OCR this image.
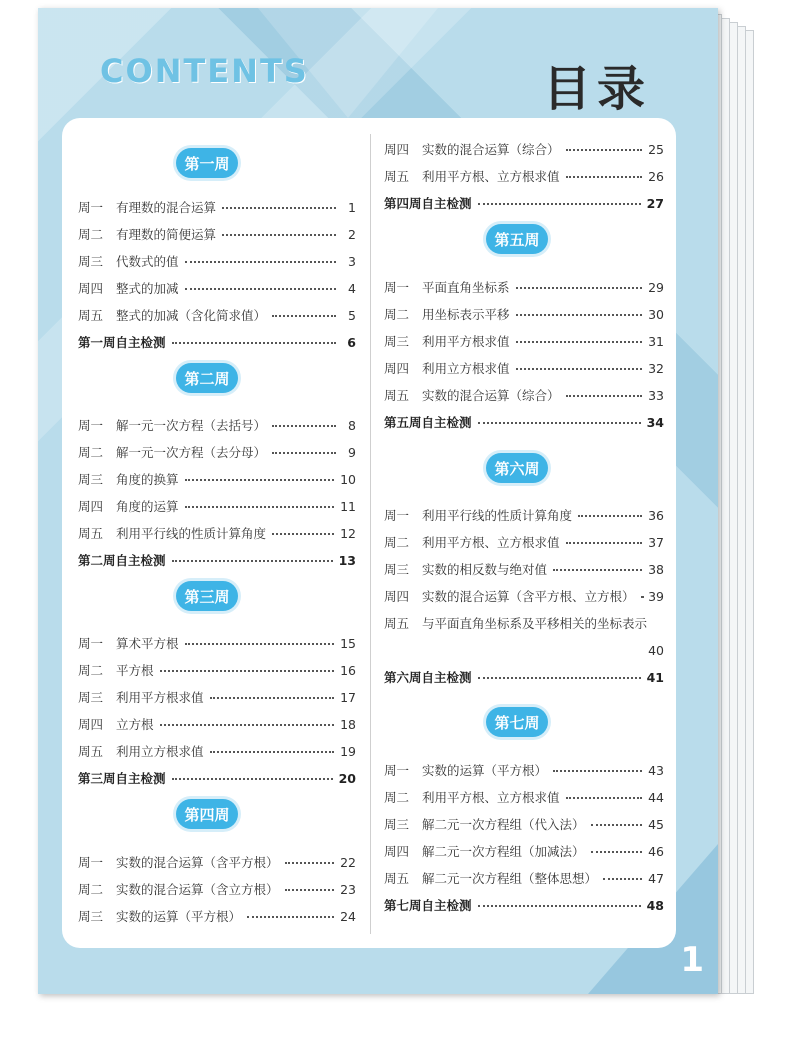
CONTENTS	目录
1
第一周
周一	有理数的混合运算	1
周二	有理数的简便运算	2
周三	代数式的值	3
周四	整式的加减	4
周五	整式的加减（含化简求值）	5
第一周自主检测	6
第二周
周一	解一元一次方程（去括号）	8
周二	解一元一次方程（去分母）	9
周三	角度的换算	10
周四	角度的运算	11
周五	利用平行线的性质计算角度	12
第二周自主检测	13
第三周
周一	算术平方根	15
周二	平方根	16
周三	利用平方根求值	17
周四	立方根	18
周五	利用立方根求值	19
第三周自主检测	20
第四周
周一	实数的混合运算（含平方根）	22
周二	实数的混合运算（含立方根）	23
周三	实数的运算（平方根）	24
周四	实数的混合运算（综合）	25
周五	利用平方根、立方根求值	26
第四周自主检测	27
第五周
周一	平面直角坐标系	29
周二	用坐标表示平移	30
周三	利用平方根求值	31
周四	利用立方根求值	32
周五	实数的混合运算（综合）	33
第五周自主检测	34
第六周
周一	利用平行线的性质计算角度	36
周二	利用平方根、立方根求值	37
周三	实数的相反数与绝对值	38
周四	实数的混合运算（含平方根、立方根） 39
周五	与平面直角坐标系及平移相关的坐标表示
40
第六周自主检测	41
第七周
周一	实数的运算（平方根）	43
周二	利用平方根、立方根求值	44
周三	解二元一次方程组（代入法）	45
周四	解二元一次方程组（加减法）	46
周五	解二元一次方程组（整体思想）	47
第七周自主检测	48
